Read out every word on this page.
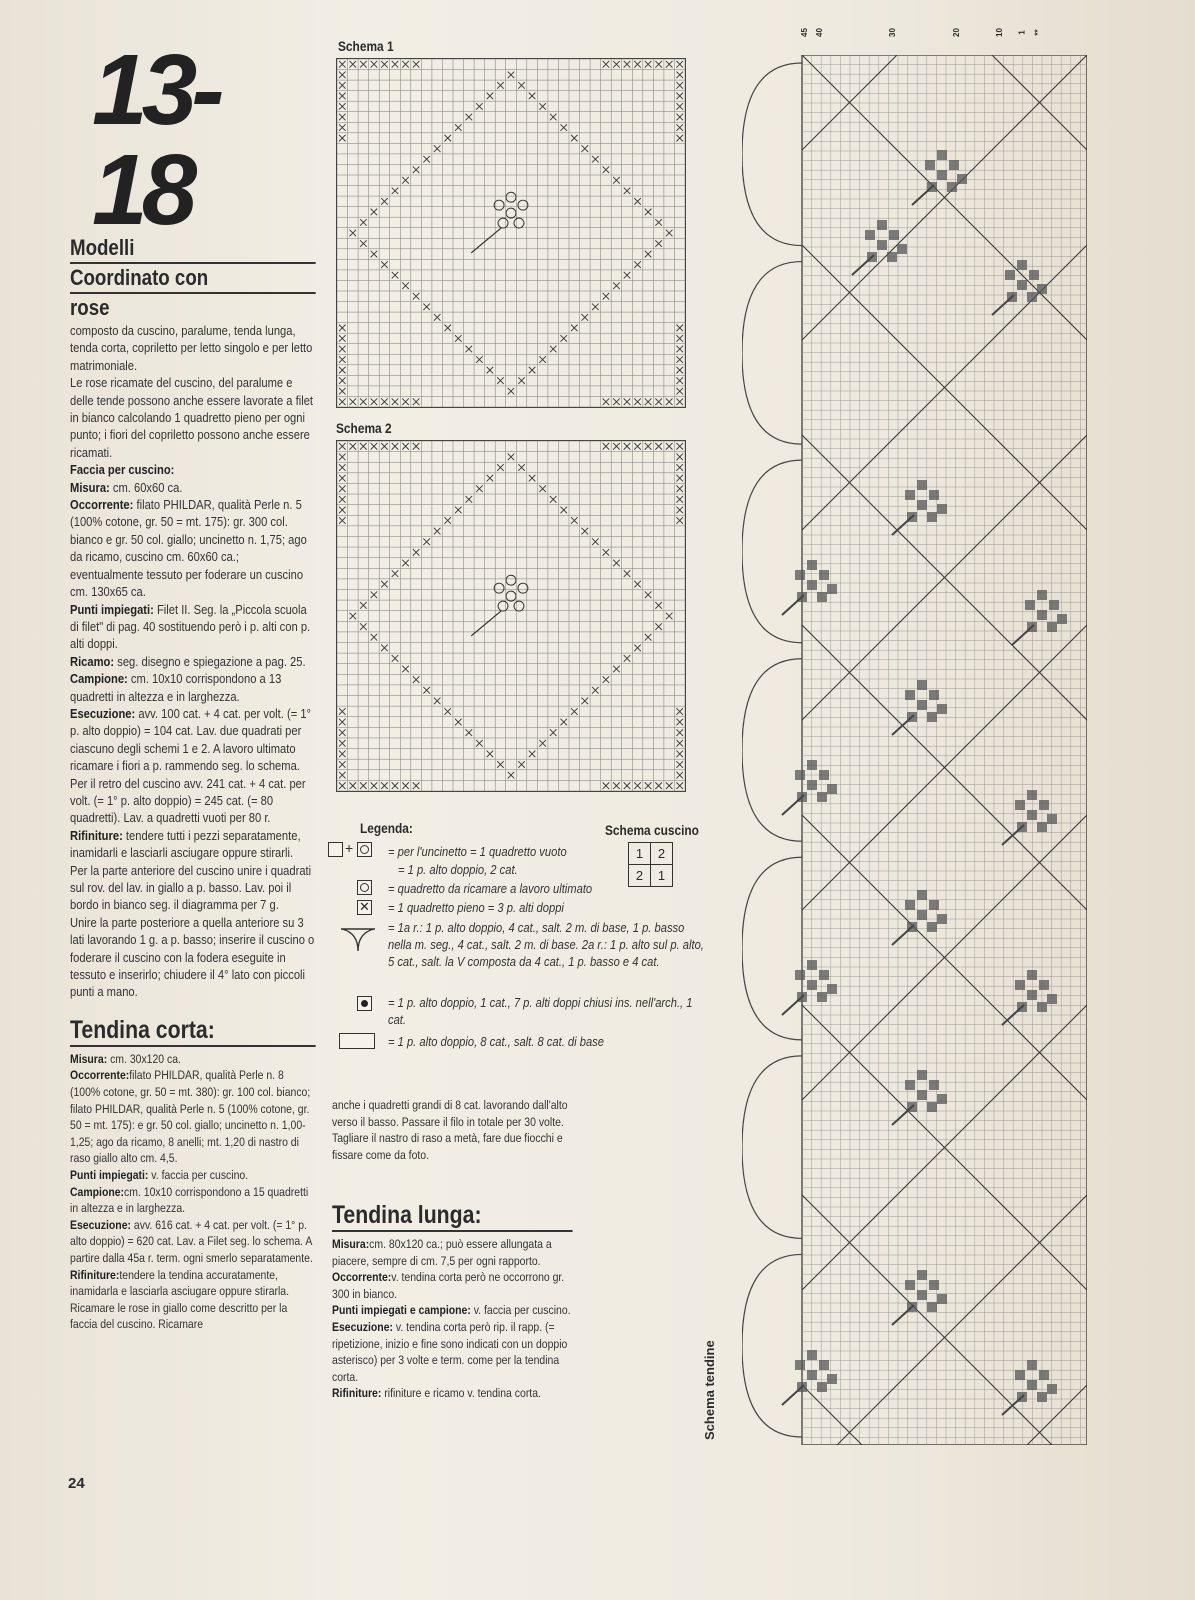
13-18
Modelli
Coordinato con
rose

composto da cuscino, paralume, tenda lunga, tenda corta, copriletto per letto singolo e per letto matrimoniale.

Le rose ricamate del cuscino, del paralume e delle tende possono anche essere lavorate a filet in bianco calcolando 1 quadretto pieno per ogni punto; i fiori del copriletto possono anche essere ricamati.

Faccia per cuscino:

Misura: cm. 60x60 ca.

Occorrente: filato PHILDAR, qualità Perle n. 5 (100% cotone, gr. 50 = mt. 175): gr. 300 col. bianco e gr. 50 col. giallo; uncinetto n. 1,75; ago da ricamo, cuscino cm. 60x60 ca.; eventualmente tessuto per foderare un cuscino cm. 130x65 ca.

Punti impiegati: Filet II. Seg. la „Piccola scuola di filet" di pag. 40 sostituendo però i p. alti con p. alti doppi.

Ricamo: seg. disegno e spiegazione a pag. 25.

Campione: cm. 10x10 corrispondono a 13 quadretti in altezza e in larghezza.

Esecuzione: avv. 100 cat. + 4 cat. per volt. (= 1° p. alto doppio) = 104 cat. Lav. due quadrati per ciascuno degli schemi 1 e 2. A lavoro ultimato ricamare i fiori a p. rammendo seg. lo schema. Per il retro del cuscino avv. 241 cat. + 4 cat. per volt. (= 1° p. alto doppio) = 245 cat. (= 80 quadretti). Lav. a quadretti vuoti per 80 r.

Rifiniture: tendere tutti i pezzi separatamente, inamidarli e lasciarli asciugare oppure stirarli.

Per la parte anteriore del cuscino unire i quadrati sul rov. del lav. in giallo a p. basso. Lav. poi il bordo in bianco seg. il diagramma per 7 g.

Unire la parte posteriore a quella anteriore su 3 lati lavorando 1 g. a p. basso; inserire il cuscino o foderare il cuscino con la fodera eseguite in tessuto e inserirlo; chiudere il 4° lato con piccoli punti a mano.

Tendina corta:

Misura: cm. 30x120 ca.

Occorrente:filato PHILDAR, qualità Perle n. 8 (100% cotone, gr. 50 = mt. 380): gr. 100 col. bianco; filato PHILDAR, qualità Perle n. 5 (100% cotone, gr. 50 = mt. 175): e gr. 50 col. giallo; uncinetto n. 1,00-1,25; ago da ricamo, 8 anelli; mt. 1,20 di nastro di raso giallo alto cm. 4,5.

Punti impiegati: v. faccia per cuscino.

Campione:cm. 10x10 corrispondono a 15 quadretti in altezza e in larghezza.

Esecuzione: avv. 616 cat. + 4 cat. per volt. (= 1° p. alto doppio) = 620 cat. Lav. a Filet seg. lo schema. A partire dalla 45a r. term. ogni smerlo separatamente.

Rifiniture:tendere la tendina accuratamente, inamidarla e lasciarla asciugare oppure stirarla. Ricamare le rose in giallo come descritto per la faccia del cuscino. Ricamare

24
Schema 1
Schema 2
Legenda:	Schema cuscino
1	2
2	1
+
✕
= per l'uncinetto = 1 quadretto vuoto
= 1 p. alto doppio, 2 cat.
= quadretto da ricamare a lavoro ultimato
= 1 quadretto pieno = 3 p. alti doppi
= 1a r.: 1 p. alto doppio, 4 cat., salt. 2 m. di base, 1 p. basso nella m. seg., 4 cat., salt. 2 m. di base. 2a r.: 1 p. alto sul p. alto, 5 cat., salt. la V composta da 4 cat., 1 p. basso e 4 cat.
= 1 p. alto doppio, 1 cat., 7 p. alti doppi chiusi ins. nell'arch., 1 cat.
= 1 p. alto doppio, 8 cat., salt. 8 cat. di base

anche i quadretti grandi di 8 cat. lavorando dall'alto verso il basso. Passare il filo in totale per 30 volte.

Tagliare il nastro di raso a metà, fare due fiocchi e fissare come da foto.

Tendina lunga:

Misura:cm. 80x120 ca.; può essere allungata a piacere, sempre di cm. 7,5 per ogni rapporto.

Occorrente:v. tendina corta però ne occorrono gr. 300 in bianco.

Punti impiegati e campione: v. faccia per cuscino.

Esecuzione: v. tendina corta però rip. il rapp. (= ripetizione, inizio e fine sono indicati con un doppio asterisco) per 3 volte e term. come per la tendina corta.

Rifiniture: rifiniture e ricamo v. tendina corta.

45 40	30	20	10 1 **
Schema tendine
